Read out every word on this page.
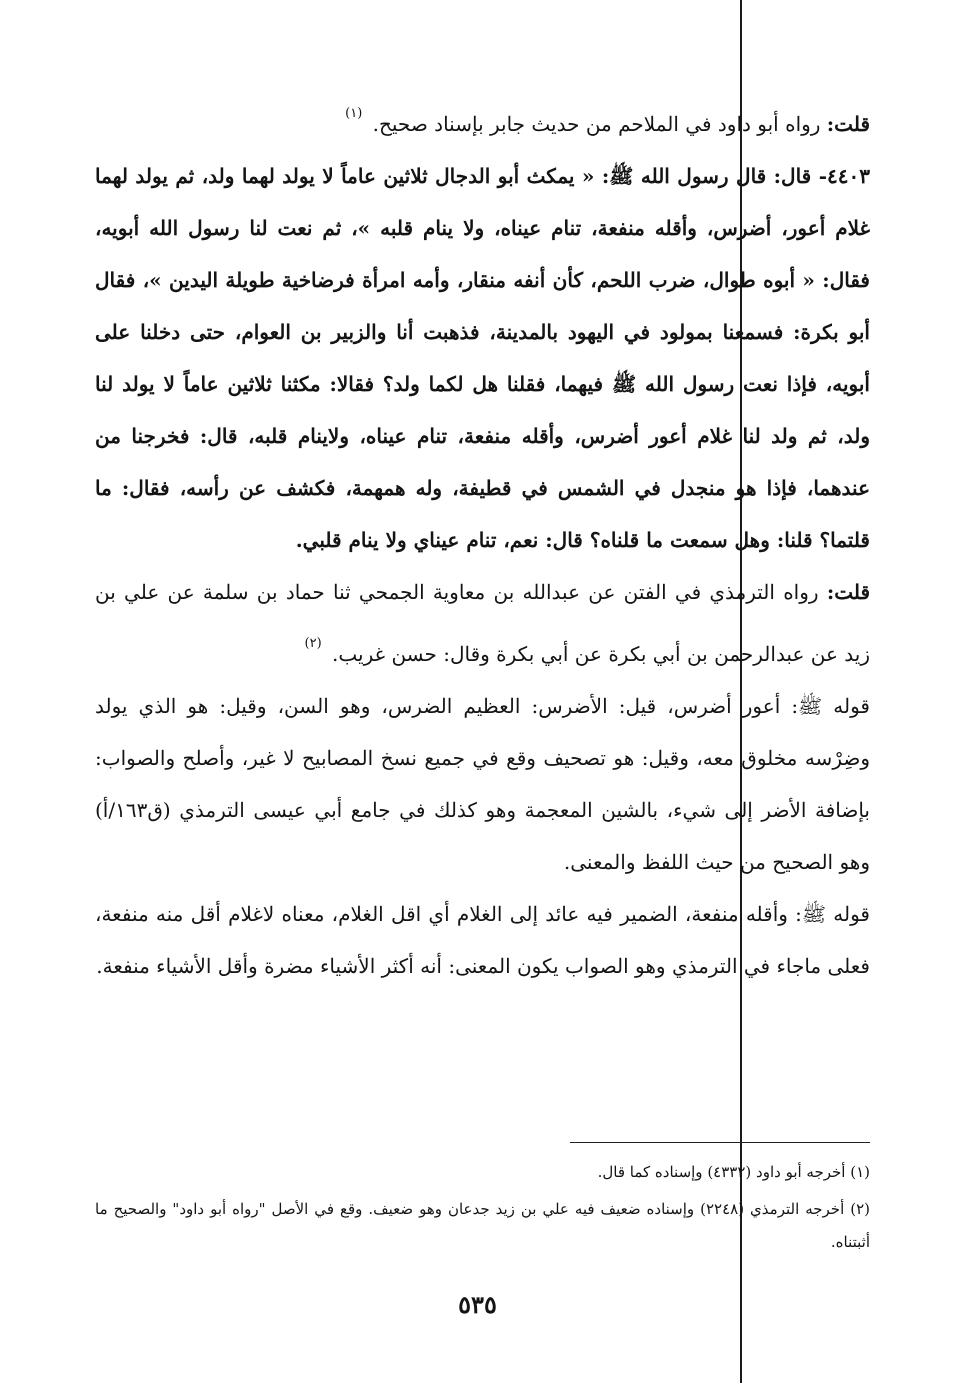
قلت: رواه أبو داود في الملاحم من حديث جابر بإسناد صحيح. $^{(١)}$

٤٤٠٣- قال: قال رسول الله ﷺ: « يمكث أبو الدجال ثلاثين عاماً لا يولد لهما ولد، ثم يولد لهما غلام أعور، أضرس، وأقله منفعة، تنام عيناه، ولا ينام قلبه »، ثم نعت لنا رسول الله أبويه، فقال: « أبوه طوال، ضرب اللحم، كأن أنفه منقار، وأمه امرأة فرضاخية طويلة اليدين »، فقال أبو بكرة: فسمعنا بمولود في اليهود بالمدينة، فذهبت أنا والزبير بن العوام، حتى دخلنا على أبويه، فإذا نعت رسول الله ﷺ فيهما، فقلنا هل لكما ولد؟ فقالا: مكثنا ثلاثين عاماً لا يولد لنا ولد، ثم ولد لنا غلام أعور أضرس، وأقله منفعة، تنام عيناه، ولاينام قلبه، قال: فخرجنا من عندهما، فإذا هو منجدل في الشمس في قطيفة، وله همهمة، فكشف عن رأسه، فقال: ما قلتما؟ قلنا: وهل سمعت ما قلناه؟ قال: نعم، تنام عيناي ولا ينام قلبي.

قلت: رواه الترمذي في الفتن عن عبدالله بن معاوية الجمحي ثنا حماد بن سلمة عن علي بن زيد عن عبدالرحمن بن أبي بكرة عن أبي بكرة وقال: حسن غريب. $^{(٢)}$

قوله ﷺ: أعور أضرس، قيل: الأضرس: العظيم الضرس، وهو السن، وقيل: هو الذي يولد وضِرْسه مخلوق معه، وقيل: هو تصحيف وقع في جميع نسخ المصابيح لا غير، وأصلح والصواب: بإضافة الأضر إلى شيء، بالشين المعجمة وهو كذلك في جامع أبي عيسى الترمذي (ق١٦٣/أ) وهو الصحيح من حيث اللفظ والمعنى.

قوله ﷺ: وأقله منفعة، الضمير فيه عائد إلى الغلام أي اقل الغلام، معناه لاغلام أقل منه منفعة، فعلى ماجاء في الترمذي وهو الصواب يكون المعنى: أنه أكثر الأشياء مضرة وأقل الأشياء منفعة.

(١) أخرجه أبو داود (٤٣٣٢) وإسناده كما قال.

(٢) أخرجه الترمذي (٢٢٤٨) وإسناده ضعيف فيه علي بن زيد جدعان وهو ضعيف. وقع في الأصل "رواه أبو داود" والصحيح ما أثبتناه.

٥٣٥
